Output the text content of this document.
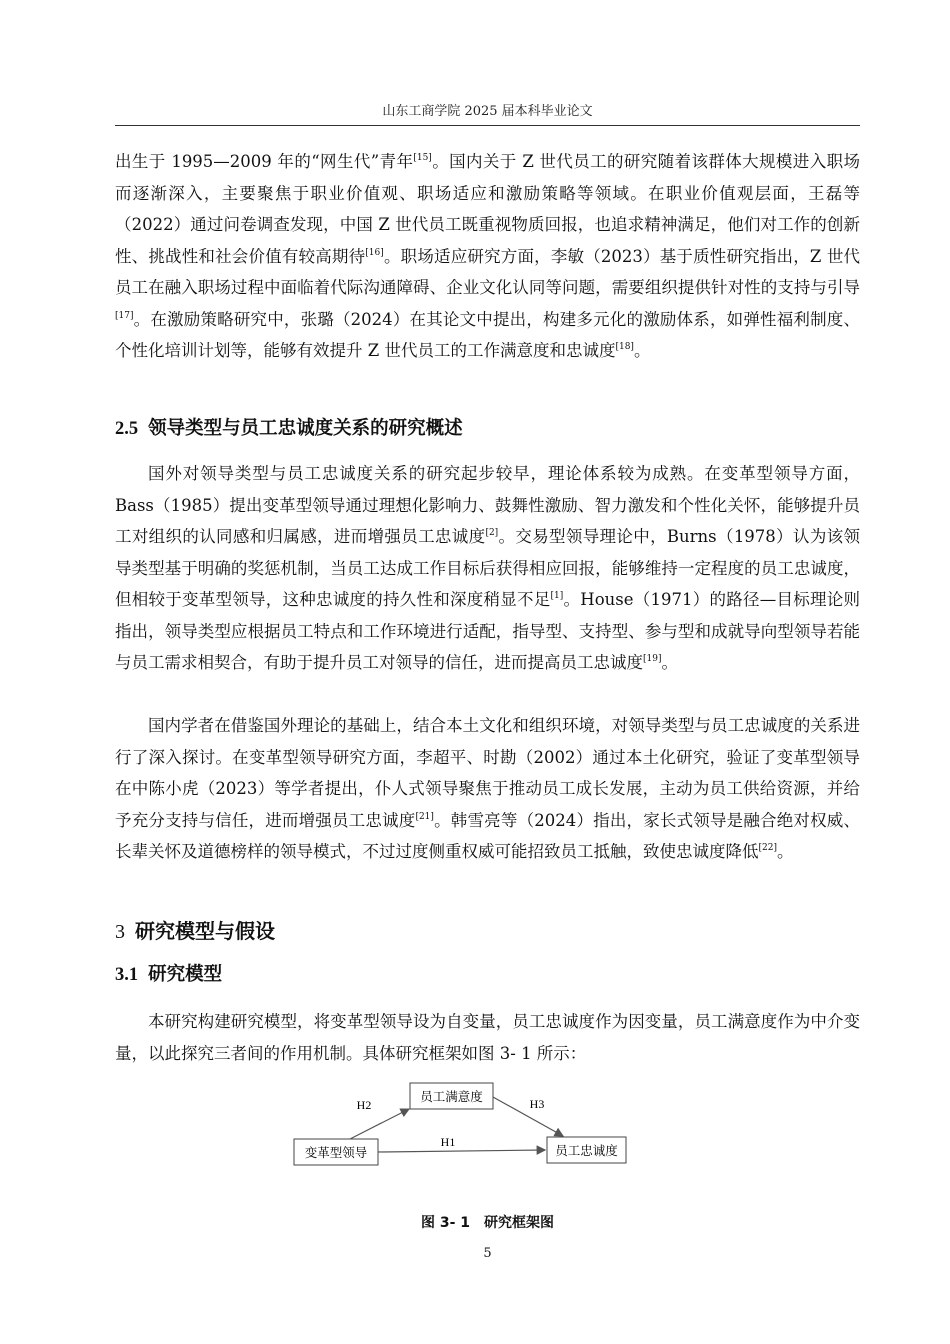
山东工商学院 2025 届本科毕业论文

出生于 1995—2009 年的“网生代”青年[15]。国内关于 Z 世代员工的研究随着该群体大规模进入职场而逐渐深入，主要聚焦于职业价值观、职场适应和激励策略等领域。在职业价值观层面，王磊等（2022）通过问卷调查发现，中国 Z 世代员工既重视物质回报，也追求精神满足，他们对工作的创新性、挑战性和社会价值有较高期待[16]。职场适应研究方面，李敏（2023）基于质性研究指出，Z 世代员工在融入职场过程中面临着代际沟通障碍、企业文化认同等问题，需要组织提供针对性的支持与引导[17]。在激励策略研究中，张璐（2024）在其论文中提出，构建多元化的激励体系，如弹性福利制度、个性化培训计划等，能够有效提升 Z 世代员工的工作满意度和忠诚度[18]。

2.5 领导类型与员工忠诚度关系的研究概述

国外对领导类型与员工忠诚度关系的研究起步较早，理论体系较为成熟。在变革型领导方面，Bass（1985）提出变革型领导通过理想化影响力、鼓舞性激励、智力激发和个性化关怀，能够提升员工对组织的认同感和归属感，进而增强员工忠诚度[2]。交易型领导理论中，Burns（1978）认为该领导类型基于明确的奖惩机制，当员工达成工作目标后获得相应回报，能够维持一定程度的员工忠诚度，但相较于变革型领导，这种忠诚度的持久性和深度稍显不足[1]。House（1971）的路径—目标理论则指出，领导类型应根据员工特点和工作环境进行适配，指导型、支持型、参与型和成就导向型领导若能与员工需求相契合，有助于提升员工对领导的信任，进而提高员工忠诚度[19]。

国内学者在借鉴国外理论的基础上，结合本土文化和组织环境，对领导类型与员工忠诚度的关系进行了深入探讨。在变革型领导研究方面，李超平、时勘（2002）通过本土化研究，验证了变革型领导在中陈小虎（2023）等学者提出，仆人式领导聚焦于推动员工成长发展，主动为员工供给资源，并给予充分支持与信任，进而增强员工忠诚度[21]。韩雪亮等（2024）指出，家长式领导是融合绝对权威、长辈关怀及道德榜样的领导模式，不过过度侧重权威可能招致员工抵触，致使忠诚度降低[22]。

3 研究模型与假设
3.1 研究模型

本研究构建研究模型，将变革型领导设为自变量，员工忠诚度作为因变量，员工满意度作为中介变量，以此探究三者间的作用机制。具体研究框架如图 3- 1 所示：

员工满意度
变革型领导	员工忠诚度
H2	H3
H1
图 3- 1　研究框架图
5
